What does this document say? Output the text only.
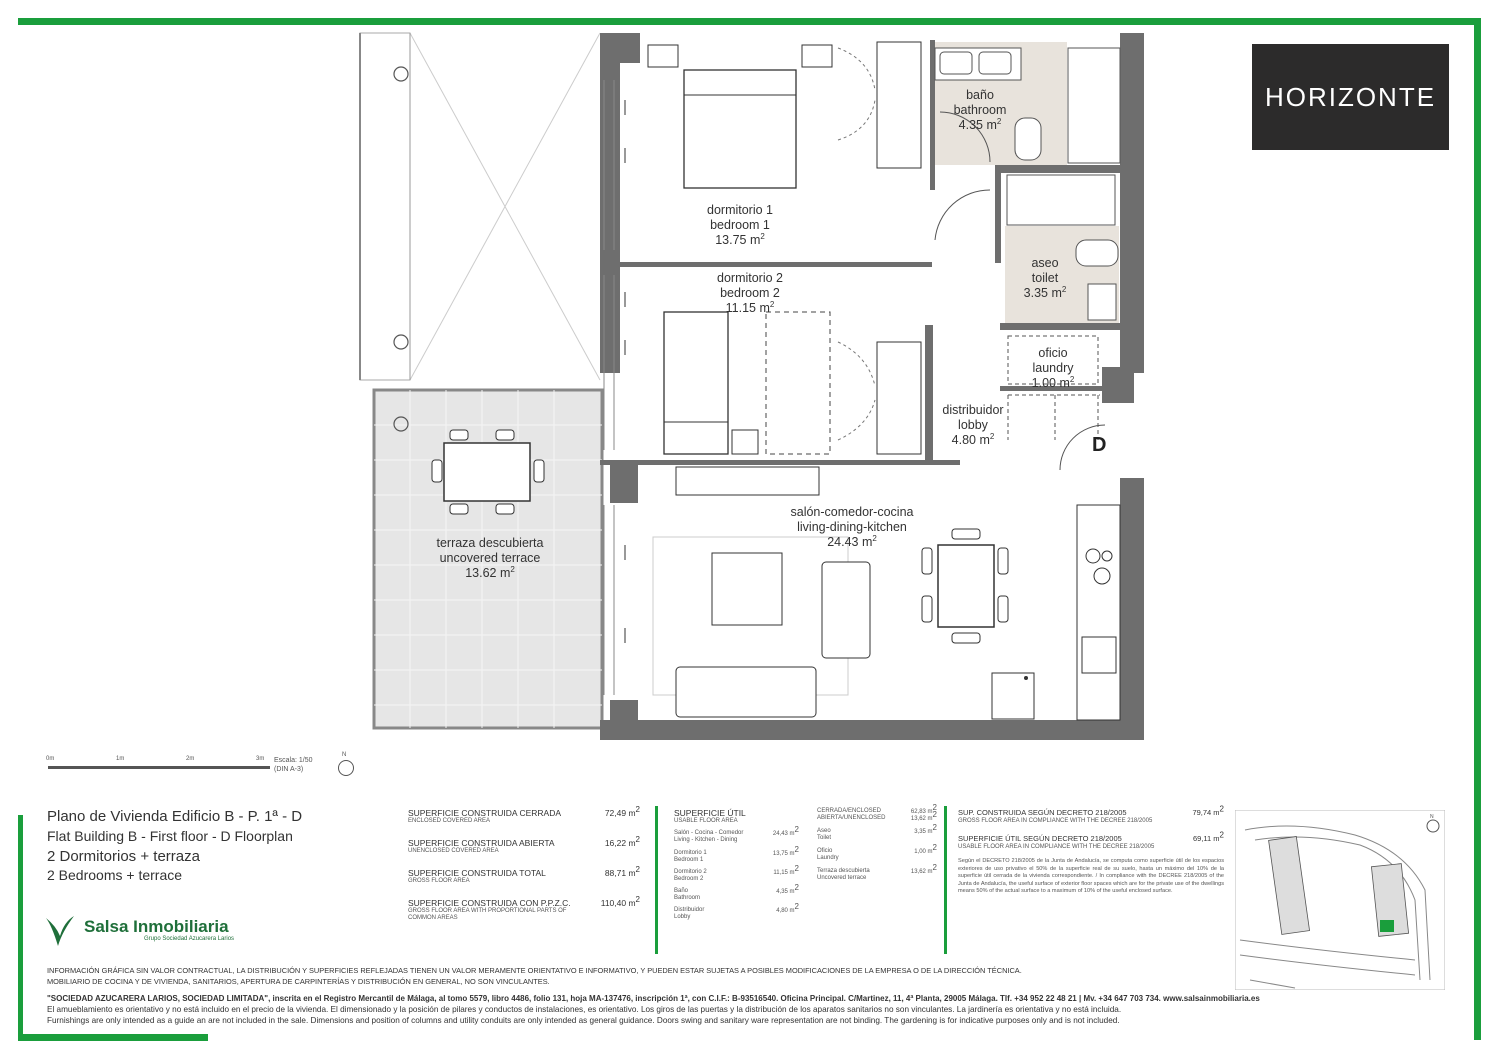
HORIZONTE
baño
bathroom
4.35 $m^2$
dormitorio 1
bedroom 1
13.75 $m^2$
aseo
toilet
3.35 $m^2$
dormitorio 2
bedroom 2
11.15 $m^2$
oficio
laundry
1.00 $m^2$
distribuidor
lobby
4.80 $m^2$
terraza descubierta
uncovered terrace
13.62 $m^2$
salón-comedor-cocina
living-dining-kitchen
24.43 $m^2$
D
0m	1m	2m	3m Escala: 1/50
(DIN A-3)
N
Plano de Vivienda Edificio B - P. 1ª - D
Flat Building B - First floor - D Floorplan
2 Dormitorios + terraza
2 Bedrooms + terrace
Salsa Inmobiliaria
Grupo Sociedad Azucarera Larios
SUPERFICIE CONSTRUIDA CERRADA
ENCLOSED COVERED AREA
72,49 m2
SUPERFICIE CONSTRUIDA ABIERTA
UNENCLOSED COVERED AREA
16,22 m2
SUPERFICIE CONSTRUIDA TOTAL
GROSS FLOOR AREA
88,71 m2
SUPERFICIE CONSTRUIDA CON P.P.Z.C.
GROSS FLOOR AREA WITH PROPORTIONAL PARTS OF COMMON AREAS
110,40 m2
SUPERFICIE ÚTIL
USABLE FLOOR AREA
Salón - Cocina - Comedor
Living - Kitchen - Dining
24,43 m2
Dormitorio 1
Bedroom 1
13,75 m2
Dormitorio 2
Bedroom 2
11,15 m2
Baño
Bathroom
4,35 m2
Distribuidor
Lobby
4,80 m2
CERRADA/ENCLOSED
ABIERTA/UNENCLOSED
62,83 m2
13,62 m2
Aseo
Toilet
3,35 m2
Oficio
Laundry
1,00 m2
Terraza descubierta
Uncovered terrace
13,62 m2
SUP. CONSTRUIDA SEGÚN DECRETO 218/2005
GROSS FLOOR AREA IN COMPLIANCE WITH THE DECREE 218/2005
79,74 m2
SUPERFICIE ÚTIL SEGÚN DECRETO 218/2005
USABLE FLOOR AREA IN COMPLIANCE WITH THE DECREE 218/2005
69,11 m2
Según el DECRETO 218/2005 de la Junta de Andalucía, se computa como superficie útil de los espacios exteriores de uso privativo el 50% de la superficie real de su suelo, hasta un máximo del 10% de la superficie útil cerrada de la vivienda correspondiente. / In compliance with the DECREE 218/2005 of the Junta de Andalucía, the useful surface of exterior floor spaces which are for the private use of the dwellings means 50% of the actual surface to a maximum of 10% of the useful enclosed surface.
N
INFORMACIÓN GRÁFICA SIN VALOR CONTRACTUAL, LA DISTRIBUCIÓN Y SUPERFICIES REFLEJADAS TIENEN UN VALOR MERAMENTE ORIENTATIVO E INFORMATIVO, Y PUEDEN ESTAR SUJETAS A POSIBLES MODIFICACIONES DE LA EMPRESA O DE LA DIRECCIÓN TÉCNICA.
MOBILIARIO DE COCINA Y DE VIVIENDA, SANITARIOS, APERTURA DE CARPINTERÍAS Y DISTRIBUCIÓN EN GENERAL, NO SON VINCULANTES.
"SOCIEDAD AZUCARERA LARIOS, SOCIEDAD LIMITADA", inscrita en el Registro Mercantil de Málaga, al tomo 5579, libro 4486, folio 131, hoja MA-137476, inscripción 1ª, con C.I.F.: B-93516540. Oficina Principal. C/Martinez, 11, 4ª Planta, 29005 Málaga. Tlf. +34 952 22 48 21 | Mv. +34 647 703 734. www.salsainmobiliaria.es
El amueblamiento es orientativo y no está incluido en el precio de la vivienda. El dimensionado y la posición de pilares y conductos de instalaciones, es orientativo. Los giros de las puertas y la distribución de los aparatos sanitarios no son vinculantes. La jardinería es orientativa y no está incluida.
Furnishings are only intended as a guide an are not included in the sale. Dimensions and position of columns and utility conduits are only intended as general guidance. Doors swing and sanitary ware representation are not binding. The gardening is for indicative purposes only and is not included.
